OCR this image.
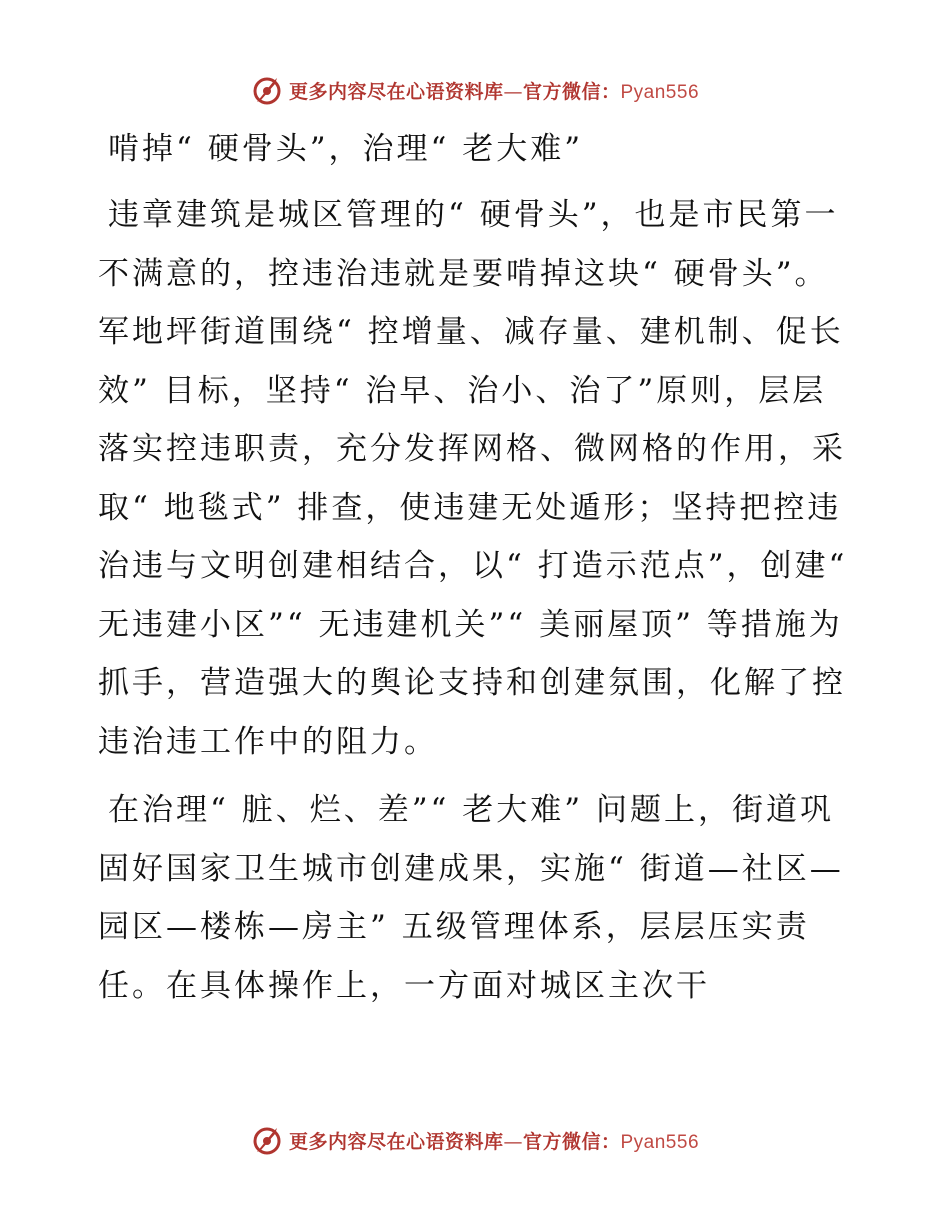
更多内容尽在心语资料库—官方微信：Pyan556
啃掉“ 硬骨头”，治理“ 老大难”

违章建筑是城区管理的“ 硬骨头”，也是市民第一不满意的，控违治违就是要啃掉这块“ 硬骨头”。军地坪街道围绕“ 控增量、减存量、建机制、促长效” 目标，坚持“ 治早、治小、治了”原则，层层落实控违职责，充分发挥网格、微网格的作用，采取“ 地毯式” 排查，使违建无处遁形；坚持把控违治违与文明创建相结合，以“ 打造示范点”，创建“ 无违建小区”“ 无违建机关”“ 美丽屋顶” 等措施为抓手，营造强大的舆论支持和创建氛围，化解了控违治违工作中的阻力。

在治理“ 脏、烂、差”“ 老大难” 问题上，街道巩固好国家卫生城市创建成果，实施“ 街道—社区—园区—楼栋—房主” 五级管理体系，层层压实责任。在具体操作上，一方面对城区主次干

更多内容尽在心语资料库—官方微信：Pyan556
